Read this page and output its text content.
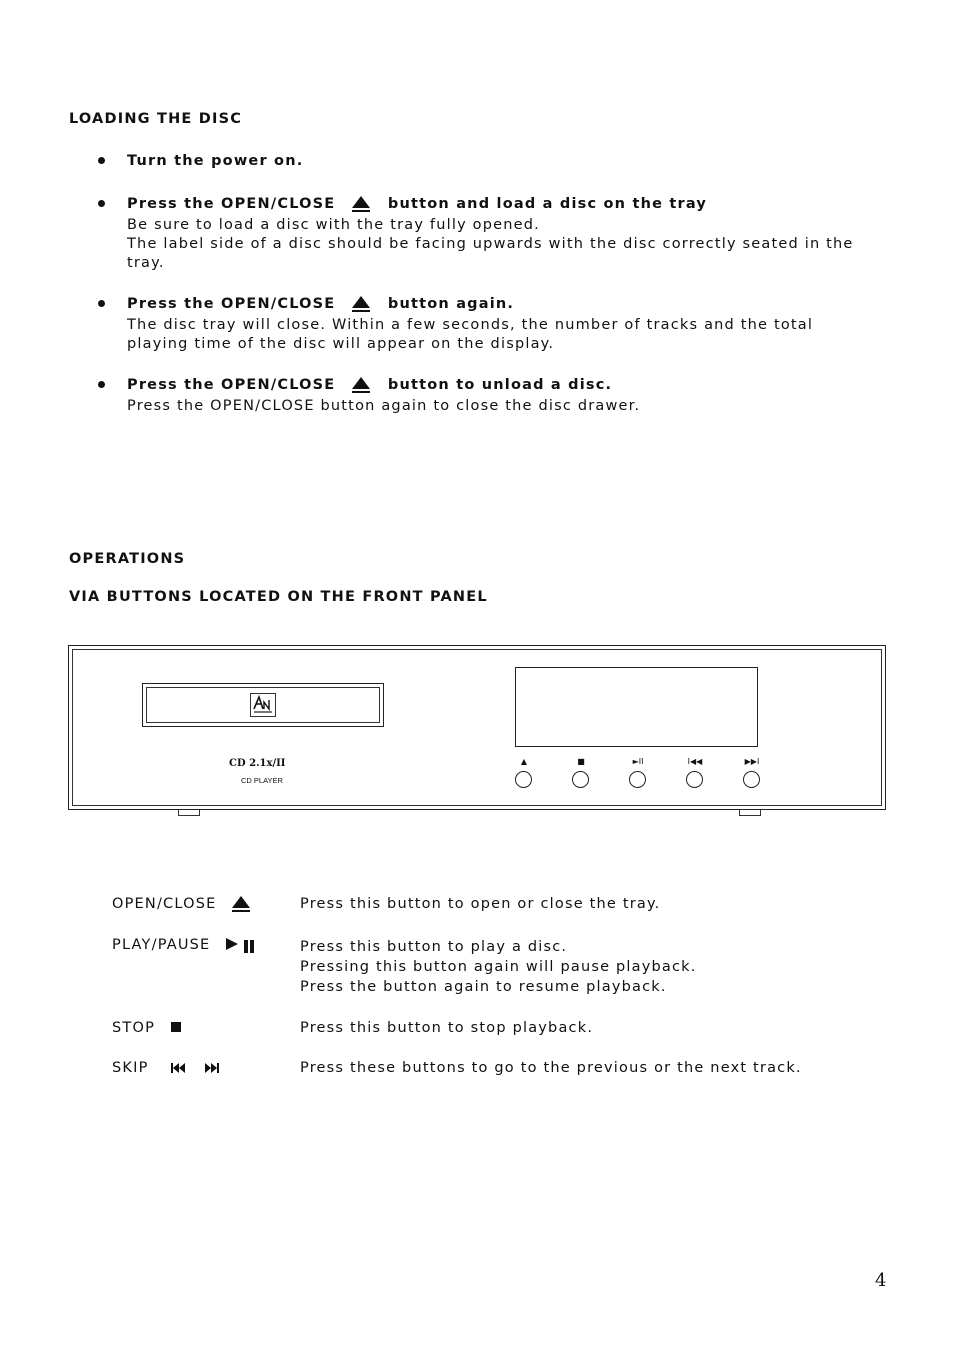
LOADING THE DISC
Turn the power on.
Press the OPEN/CLOSE	button and load a disc on the tray
Be sure to load a disc with the tray fully opened.
The label side of a disc should be facing upwards with the disc correctly seated in the
tray.
Press the OPEN/CLOSE	button again.
The disc tray will close. Within a few seconds, the number of tracks and the total
playing time of the disc will appear on the display.
Press the OPEN/CLOSE	button to unload a disc.
Press the OPEN/CLOSE button again to close the disc drawer.
OPERATIONS
VIA BUTTONS LOCATED ON THE FRONT PANEL
CD 2.1x/II
CD PLAYER
▲	■	►II	I◀◀	▶▶I
OPEN/CLOSE	Press this button to open or close the tray.
PLAY/PAUSE	Press this button to play a disc.
Pressing this button again will pause playback.
Press the button again to resume playback.
STOP	Press this button to stop playback.
SKIP	Press these buttons to go to the previous or the next track.
4
